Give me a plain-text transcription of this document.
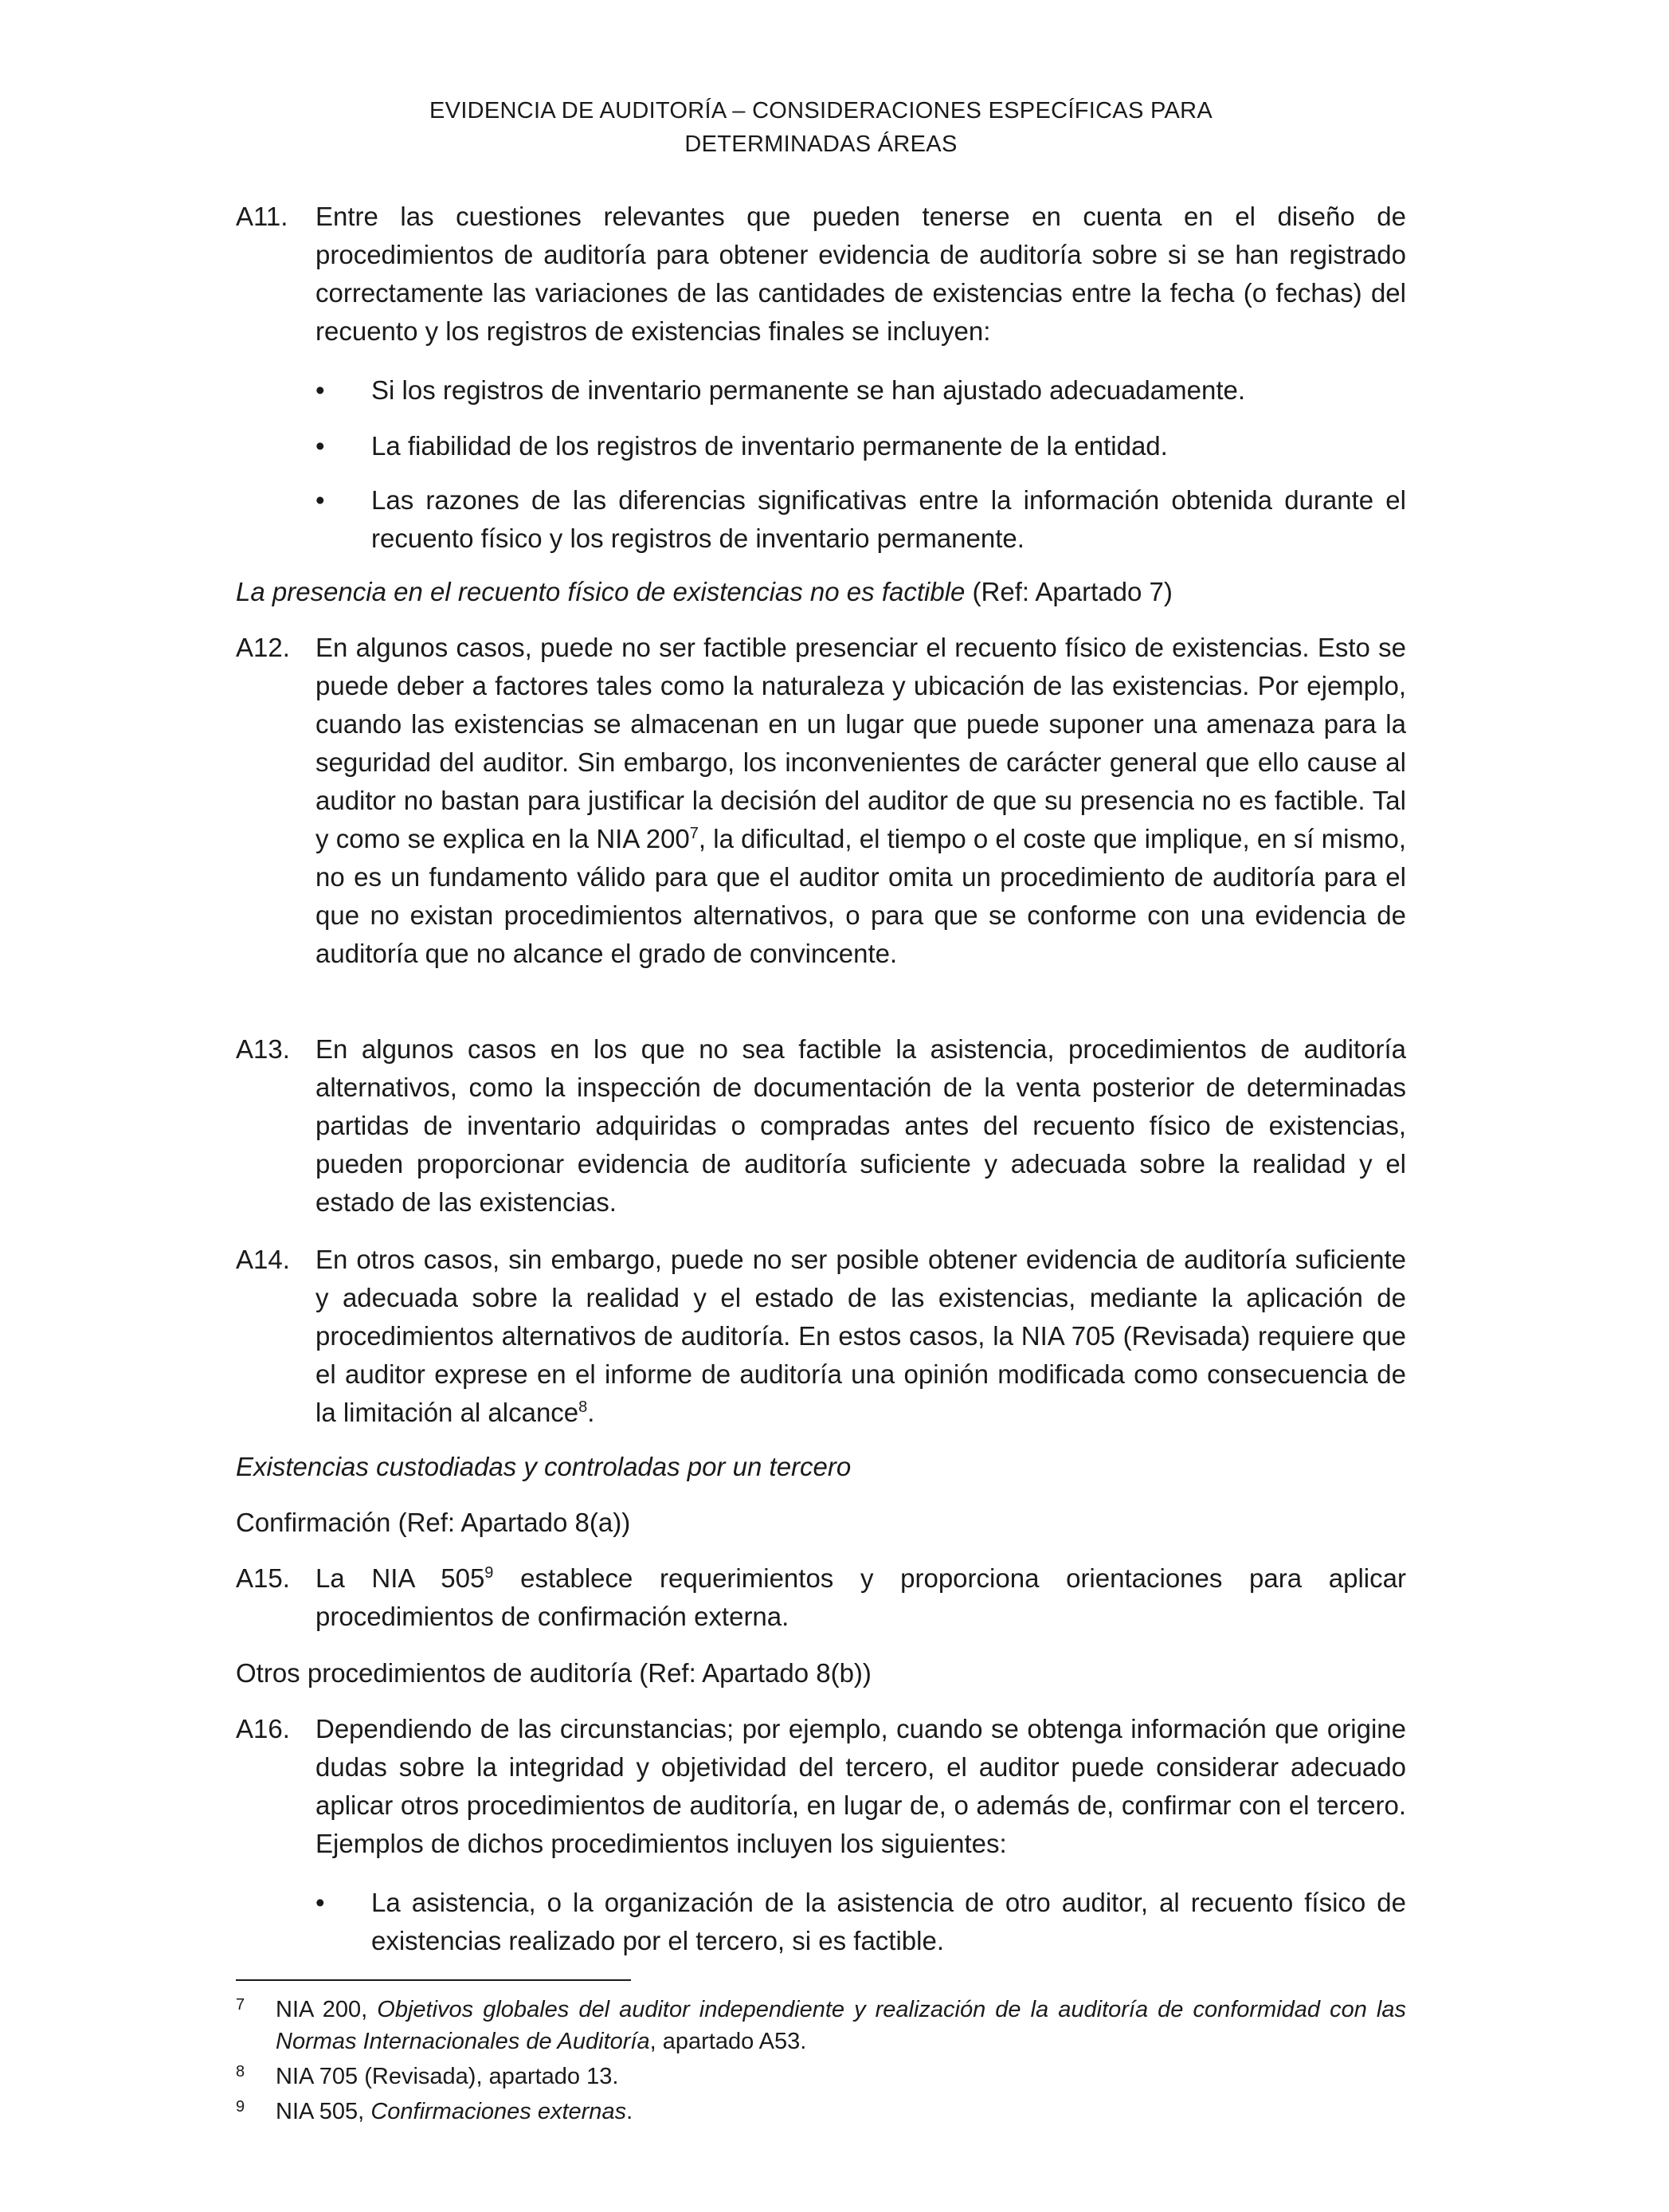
EVIDENCIA DE AUDITORÍA – CONSIDERACIONES ESPECÍFICAS PARA
DETERMINADAS ÁREAS
A11.	Entre las cuestiones relevantes que pueden tenerse en cuenta en el diseño de procedimientos de auditoría para obtener evidencia de auditoría sobre si se han registrado correctamente las variaciones de las cantidades de existencias entre la fecha (o fechas) del recuento y los registros de existencias finales se incluyen:
• Si los registros de inventario permanente se han ajustado adecuadamente.
• La fiabilidad de los registros de inventario permanente de la entidad.
• Las razones de las diferencias significativas entre la información obtenida durante el recuento físico y los registros de inventario permanente.
La presencia en el recuento físico de existencias no es factible (Ref: Apartado 7)
A12. En algunos casos, puede no ser factible presenciar el recuento físico de existencias. Esto se puede deber a factores tales como la naturaleza y ubicación de las existencias. Por ejemplo, cuando las existencias se almacenan en un lugar que puede suponer una amenaza para la seguridad del auditor. Sin embargo, los inconvenientes de carácter general que ello cause al auditor no bastan para justificar la decisión del auditor de que su presencia no es factible. Tal y como se explica en la NIA $200^7$, la dificultad, el tiempo o el coste que implique, en sí mismo, no es un fundamento válido para que el auditor omita un procedimiento de auditoría para el que no existan procedimientos alternativos, o para que se conforme con una evidencia de auditoría que no alcance el grado de convincente.
A13. En algunos casos en los que no sea factible la asistencia, procedimientos de auditoría alternativos, como la inspección de documentación de la venta posterior de determinadas partidas de inventario adquiridas o compradas antes del recuento físico de existencias, pueden proporcionar evidencia de auditoría suficiente y adecuada sobre la realidad y el estado de las existencias.
A14. En otros casos, sin embargo, puede no ser posible obtener evidencia de auditoría suficiente y adecuada sobre la realidad y el estado de las existencias, mediante la aplicación de procedimientos alternativos de auditoría. En estos casos, la NIA 705 (Revisada) requiere que el auditor exprese en el informe de auditoría una opinión modificada como consecuencia de la limitación al alcance$^8$.
Existencias custodiadas y controladas por un tercero
Confirmación (Ref: Apartado 8(a))
A15. La NIA $505^9$ establece requerimientos y proporciona orientaciones para aplicar procedimientos de confirmación externa.
Otros procedimientos de auditoría (Ref: Apartado 8(b))
A16. Dependiendo de las circunstancias; por ejemplo, cuando se obtenga información que origine dudas sobre la integridad y objetividad del tercero, el auditor puede considerar adecuado aplicar otros procedimientos de auditoría, en lugar de, o además de, confirmar con el tercero. Ejemplos de dichos procedimientos incluyen los siguientes:
• La asistencia, o la organización de la asistencia de otro auditor, al recuento físico de existencias realizado por el tercero, si es factible.
7 NIA 200, Objetivos globales del auditor independiente y realización de la auditoría de conformidad con las Normas Internacionales de Auditoría, apartado A53.
8 NIA 705 (Revisada), apartado 13.
9 NIA 505, Confirmaciones externas.
